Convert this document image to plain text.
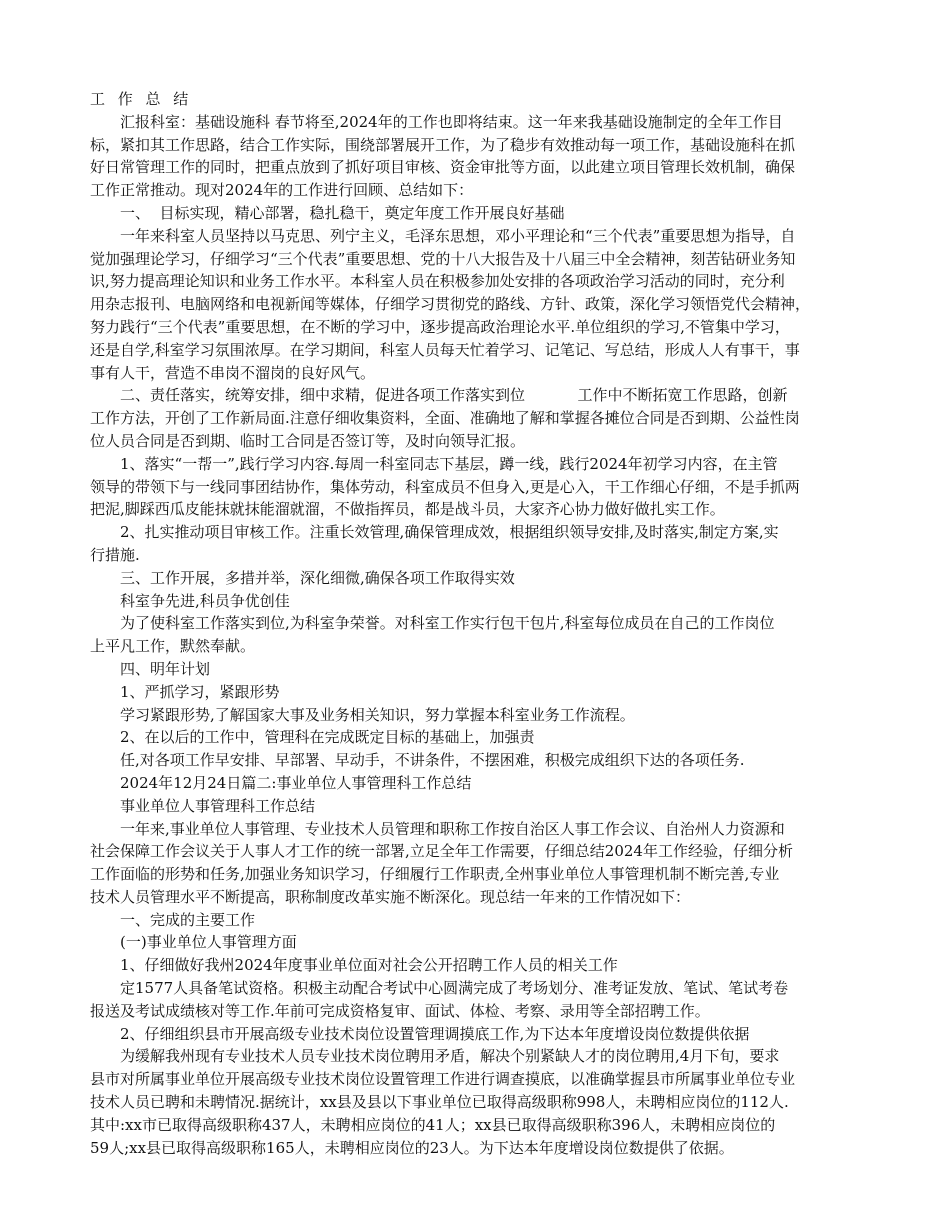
工 作 总 结
汇报科室：基础设施科 春节将至,2024年的工作也即将结束。这一年来我基础设施制定的全年工作目
标，紧扣其工作思路，结合工作实际，围绕部署展开工作，为了稳步有效推动每一项工作，基础设施科在抓
好日常管理工作的同时，把重点放到了抓好项目审核、资金审批等方面，以此建立项目管理长效机制，确保
工作正常推动。现对2024年的工作进行回顾、总结如下：
一、  目标实现，精心部署，稳扎稳干，奠定年度工作开展良好基础
一年来科室人员坚持以马克思、列宁主义，毛泽东思想，邓小平理论和“三个代表”重要思想为指导，自
觉加强理论学习，仔细学习“三个代表”重要思想、党的十八大报告及十八届三中全会精神，刻苦钻研业务知
识,努力提高理论知识和业务工作水平。本科室人员在积极参加处安排的各项政治学习活动的同时，充分利
用杂志报刊、电脑网络和电视新闻等媒体，仔细学习贯彻党的路线、方针、政策，深化学习领悟党代会精神，
努力践行“三个代表”重要思想，在不断的学习中，逐步提高政治理论水平.单位组织的学习,不管集中学习，
还是自学,科室学习氛围浓厚。在学习期间，科室人员每天忙着学习、记笔记、写总结，形成人人有事干，事
事有人干，营造不串岗不溜岗的良好风气。
二、责任落实，统筹安排，细中求精，促进各项工作落实到位           工作中不断拓宽工作思路，创新
工作方法，开创了工作新局面.注意仔细收集资料，全面、准确地了解和掌握各摊位合同是否到期、公益性岗
位人员合同是否到期、临时工合同是否签订等，及时向领导汇报。
1、落实“一帮一”,践行学习内容.每周一科室同志下基层，蹲一线，践行2024年初学习内容，在主管
领导的带领下与一线同事团结协作，集体劳动，科室成员不但身入,更是心入，干工作细心仔细，不是手抓两
把泥,脚踩西瓜皮能抹就抹能溜就溜，不做指挥员，都是战斗员，大家齐心协力做好做扎实工作。
2、扎实推动项目审核工作。注重长效管理,确保管理成效，根据组织领导安排,及时落实,制定方案,实
行措施.
三、工作开展，多措并举，深化细微,确保各项工作取得实效
科室争先进,科员争优创佳
为了使科室工作落实到位,为科室争荣誉。对科室工作实行包干包片,科室每位成员在自己的工作岗位
上平凡工作，默然奉献。
四、明年计划
1、严抓学习，紧跟形势
学习紧跟形势,了解国家大事及业务相关知识，努力掌握本科室业务工作流程。
2、在以后的工作中，管理科在完成既定目标的基础上，加强责
任,对各项工作早安排、早部署、早动手，不讲条件，不摆困难，积极完成组织下达的各项任务.
2024年12月24日篇二:事业单位人事管理科工作总结
事业单位人事管理科工作总结
一年来,事业单位人事管理、专业技术人员管理和职称工作按自治区人事工作会议、自治州人力资源和
社会保障工作会议关于人事人才工作的统一部署,立足全年工作需要，仔细总结2024年工作经验，仔细分析
工作面临的形势和任务,加强业务知识学习，仔细履行工作职责,全州事业单位人事管理机制不断完善,专业
技术人员管理水平不断提高，职称制度改革实施不断深化。现总结一年来的工作情况如下：
一、完成的主要工作
(一)事业单位人事管理方面
1、仔细做好我州2024年度事业单位面对社会公开招聘工作人员的相关工作
定1577人具备笔试资格。积极主动配合考试中心圆满完成了考场划分、准考证发放、笔试、笔试考卷
报送及考试成绩核对等工作.年前可完成资格复审、面试、体检、考察、录用等全部招聘工作。
2、仔细组织县市开展高级专业技术岗位设置管理调摸底工作,为下达本年度增设岗位数提供依据
为缓解我州现有专业技术人员专业技术岗位聘用矛盾，解决个别紧缺人才的岗位聘用,4月下旬，要求
县市对所属事业单位开展高级专业技术岗位设置管理工作进行调查摸底，以准确掌握县市所属事业单位专业
技术人员已聘和未聘情况.据统计，xx县及县以下事业单位已取得高级职称998人，未聘相应岗位的112人.
其中:xx市已取得高级职称437人，未聘相应岗位的41人；xx县已取得高级职称396人，未聘相应岗位的
59人;xx县已取得高级职称165人，未聘相应岗位的23人。为下达本年度增设岗位数提供了依据。
